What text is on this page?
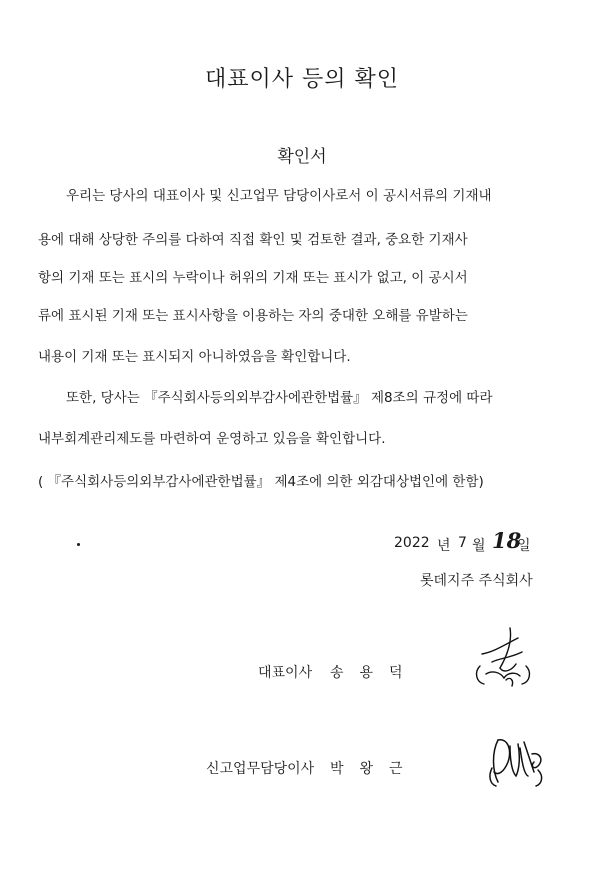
대표이사 등의 확인
확인서
우리는 당사의 대표이사 및 신고업무 담당이사로서 이 공시서류의 기재내
용에 대해 상당한 주의를 다하여 직접 확인 및 검토한 결과, 중요한 기재사
항의 기재 또는 표시의 누락이나 허위의 기재 또는 표시가 없고, 이 공시서
류에 표시된 기재 또는 표시사항을 이용하는 자의 중대한 오해를 유발하는
내용이 기재 또는 표시되지 아니하였음을 확인합니다.
또한, 당사는 『주식회사등의외부감사에관한법률』 제8조의 규정에 따라
내부회계관리제도를 마련하여 운영하고 있음을 확인합니다.
( 『주식회사등의외부감사에관한법률』 제4조에 의한 외감대상법인에 한함)
2022 년 7 월 18
일
롯데지주 주식회사
대표이사 송용덕
신고업무담당이사 박왕근
